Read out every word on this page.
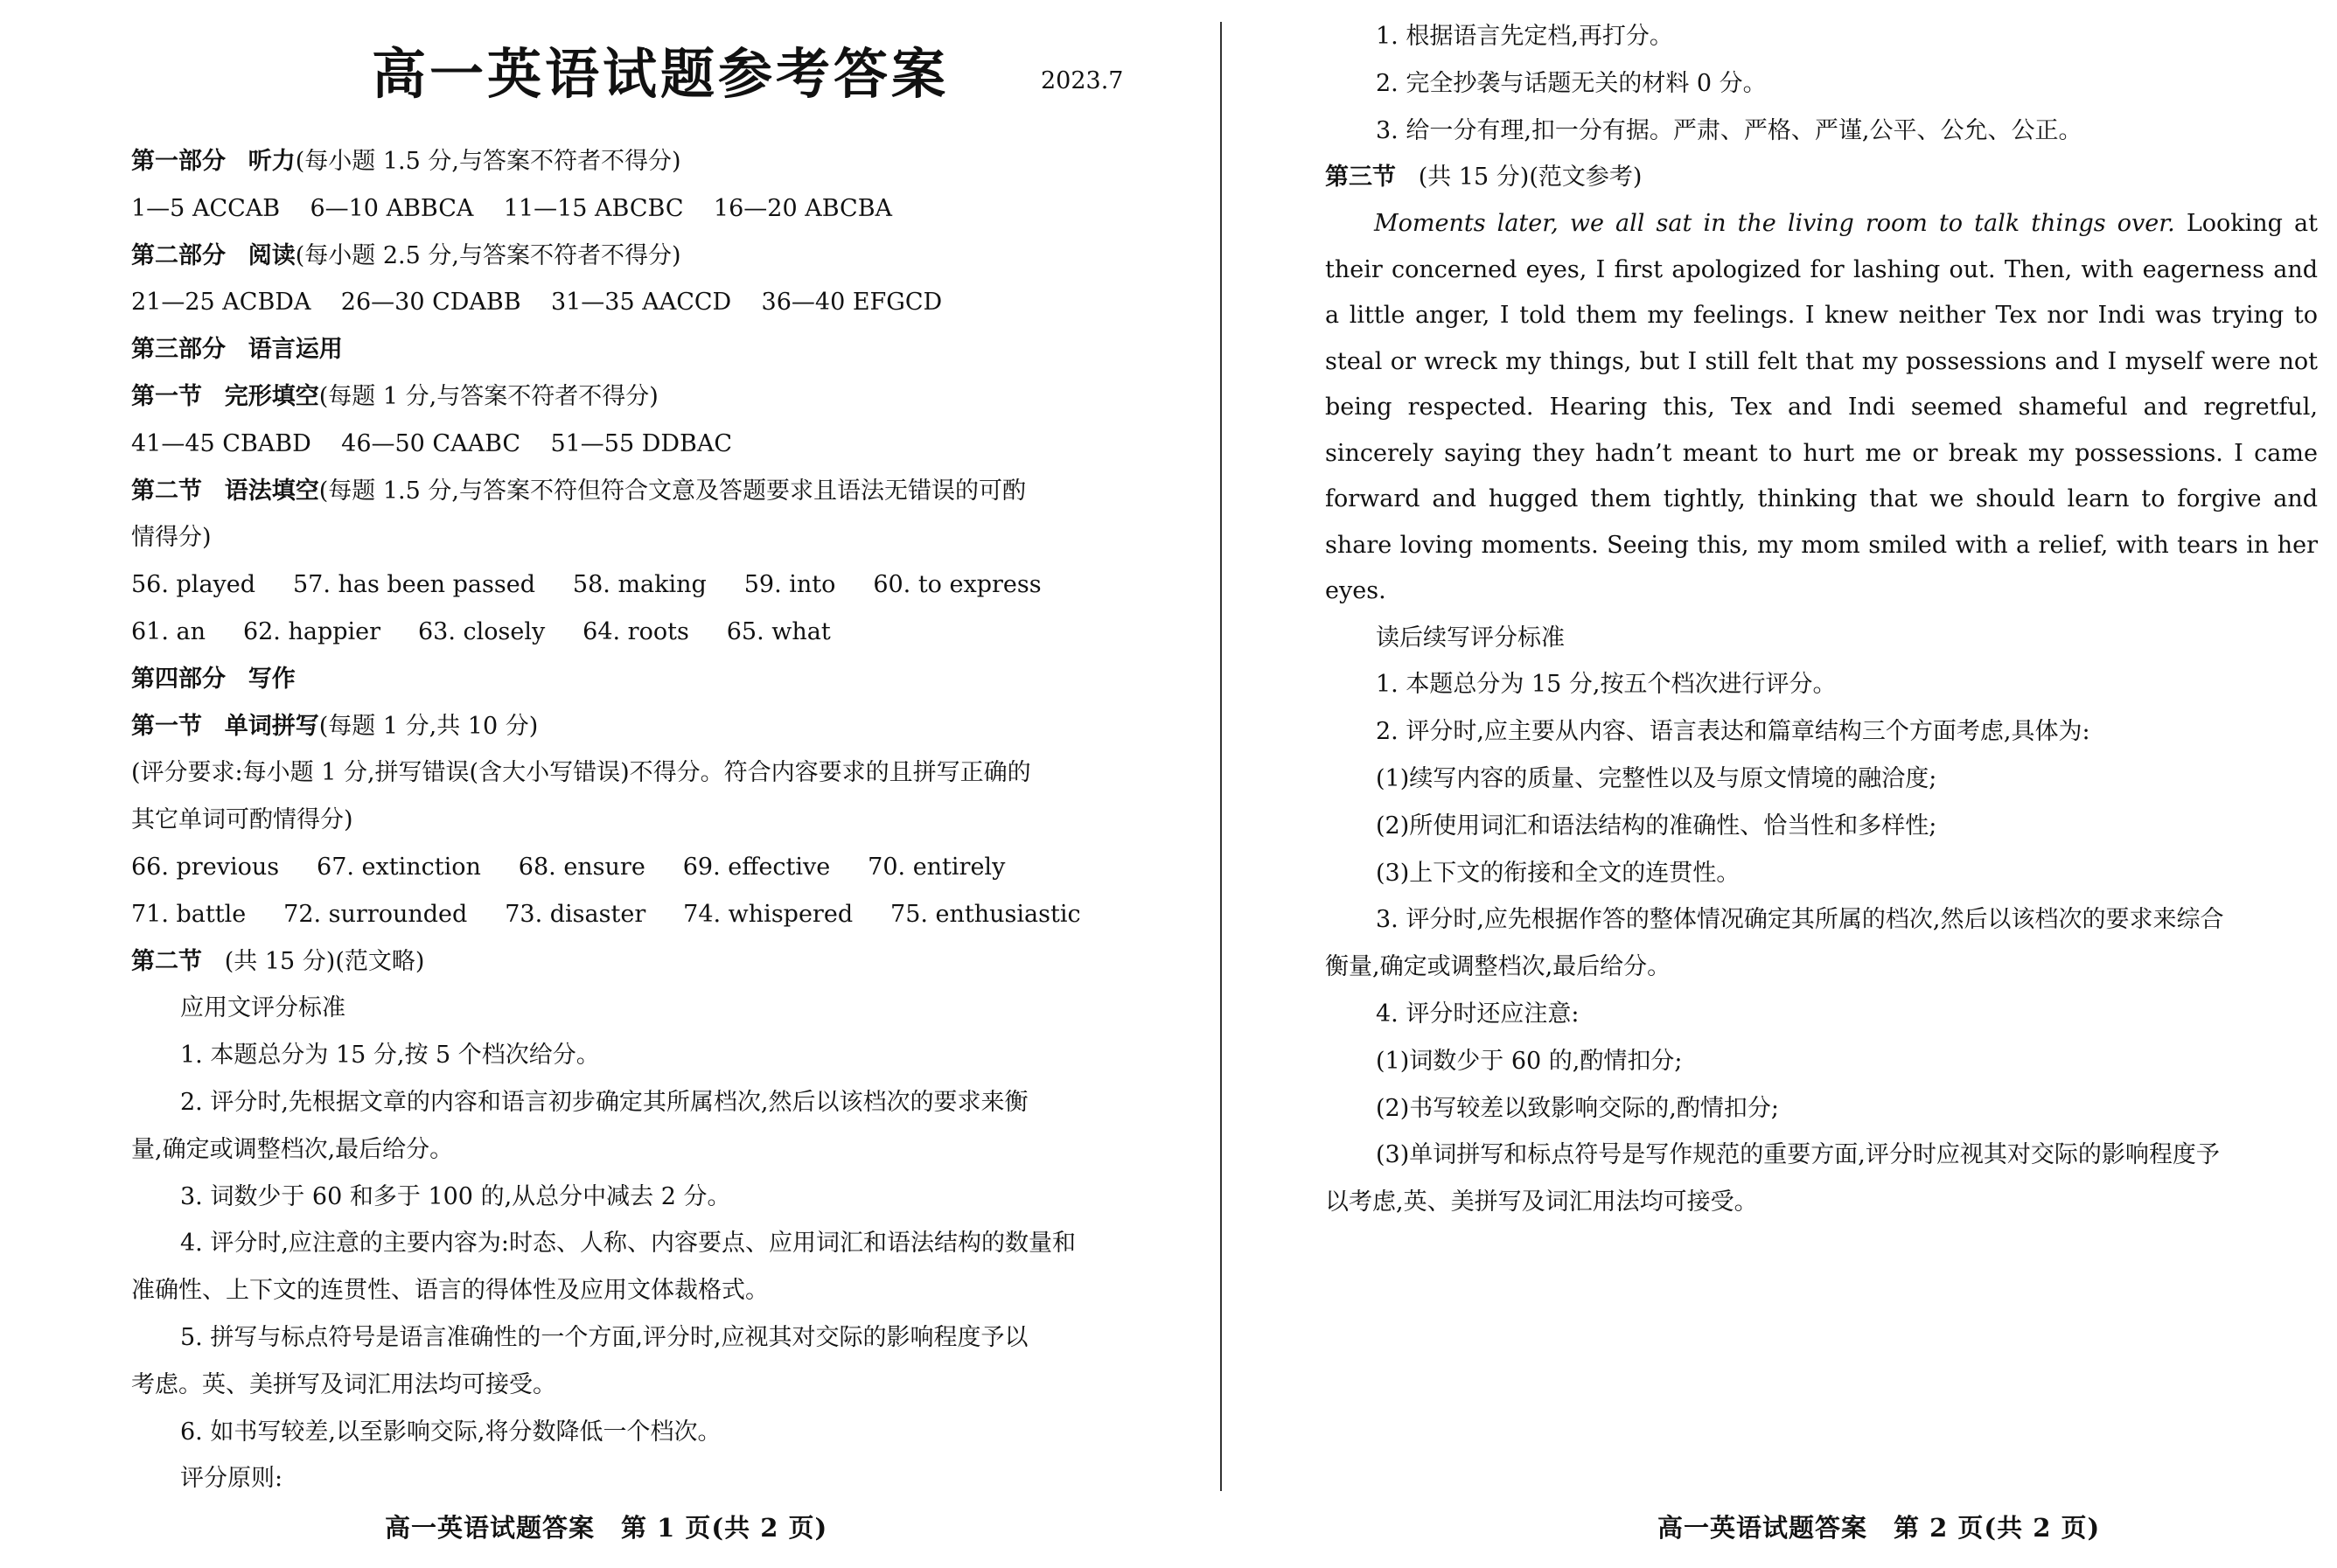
高一英语试题参考答案	2023.7
第一部分 听力(每小题 1.5 分,与答案不符者不得分)
1—5 ACCAB 6—10 ABBCA 11—15 ABCBC 16—20 ABCBA
第二部分 阅读(每小题 2.5 分,与答案不符者不得分)
21—25 ACBDA 26—30 CDABB 31—35 AACCD 36—40 EFGCD
第三部分 语言运用
第一节 完形填空(每题 1 分,与答案不符者不得分)
41—45 CBABD 46—50 CAABC 51—55 DDBAC
第二节 语法填空(每题 1.5 分,与答案不符但符合文意及答题要求且语法无错误的可酌
情得分)
56. played 57. has been passed 58. making 59. into 60. to express
61. an 62. happier 63. closely 64. roots 65. what
第四部分 写作
第一节 单词拼写(每题 1 分,共 10 分)
(评分要求:每小题 1 分,拼写错误(含大小写错误)不得分。符合内容要求的且拼写正确的
其它单词可酌情得分)
66. previous 67. extinction 68. ensure 69. effective 70. entirely
71. battle 72. surrounded 73. disaster 74. whispered 75. enthusiastic
第二节 (共 15 分)(范文略)
应用文评分标准
1. 本题总分为 15 分,按 5 个档次给分。
2. 评分时,先根据文章的内容和语言初步确定其所属档次,然后以该档次的要求来衡
量,确定或调整档次,最后给分。
3. 词数少于 60 和多于 100 的,从总分中减去 2 分。
4. 评分时,应注意的主要内容为:时态、人称、内容要点、应用词汇和语法结构的数量和
准确性、上下文的连贯性、语言的得体性及应用文体裁格式。
5. 拼写与标点符号是语言准确性的一个方面,评分时,应视其对交际的影响程度予以
考虑。英、美拼写及词汇用法均可接受。
6. 如书写较差,以至影响交际,将分数降低一个档次。
评分原则:
高一英语试题答案　第 1 页(共 2 页)
1. 根据语言先定档,再打分。
2. 完全抄袭与话题无关的材料 0 分。
3. 给一分有理,扣一分有据。严肃、严格、严谨,公平、公允、公正。
第三节 (共 15 分)(范文参考)
Moments later, we all sat in the living room to talk things over. Looking at their concerned eyes, I first apologized for lashing out. Then, with eagerness and a little anger, I told them my feelings. I knew neither Tex nor Indi was trying to steal or wreck my things, but I still felt that my possessions and I myself were not being respected. Hearing this, Tex and Indi seemed shameful and regretful, sincerely saying they hadn’t meant to hurt me or break my possessions. I came forward and hugged them tightly, thinking that we should learn to forgive and share loving moments. Seeing this, my mom smiled with a relief, with tears in her eyes.
读后续写评分标准
1. 本题总分为 15 分,按五个档次进行评分。
2. 评分时,应主要从内容、语言表达和篇章结构三个方面考虑,具体为:
(1)续写内容的质量、完整性以及与原文情境的融洽度;
(2)所使用词汇和语法结构的准确性、恰当性和多样性;
(3)上下文的衔接和全文的连贯性。
3. 评分时,应先根据作答的整体情况确定其所属的档次,然后以该档次的要求来综合
衡量,确定或调整档次,最后给分。
4. 评分时还应注意:
(1)词数少于 60 的,酌情扣分;
(2)书写较差以致影响交际的,酌情扣分;
(3)单词拼写和标点符号是写作规范的重要方面,评分时应视其对交际的影响程度予
以考虑,英、美拼写及词汇用法均可接受。
高一英语试题答案　第 2 页(共 2 页)
